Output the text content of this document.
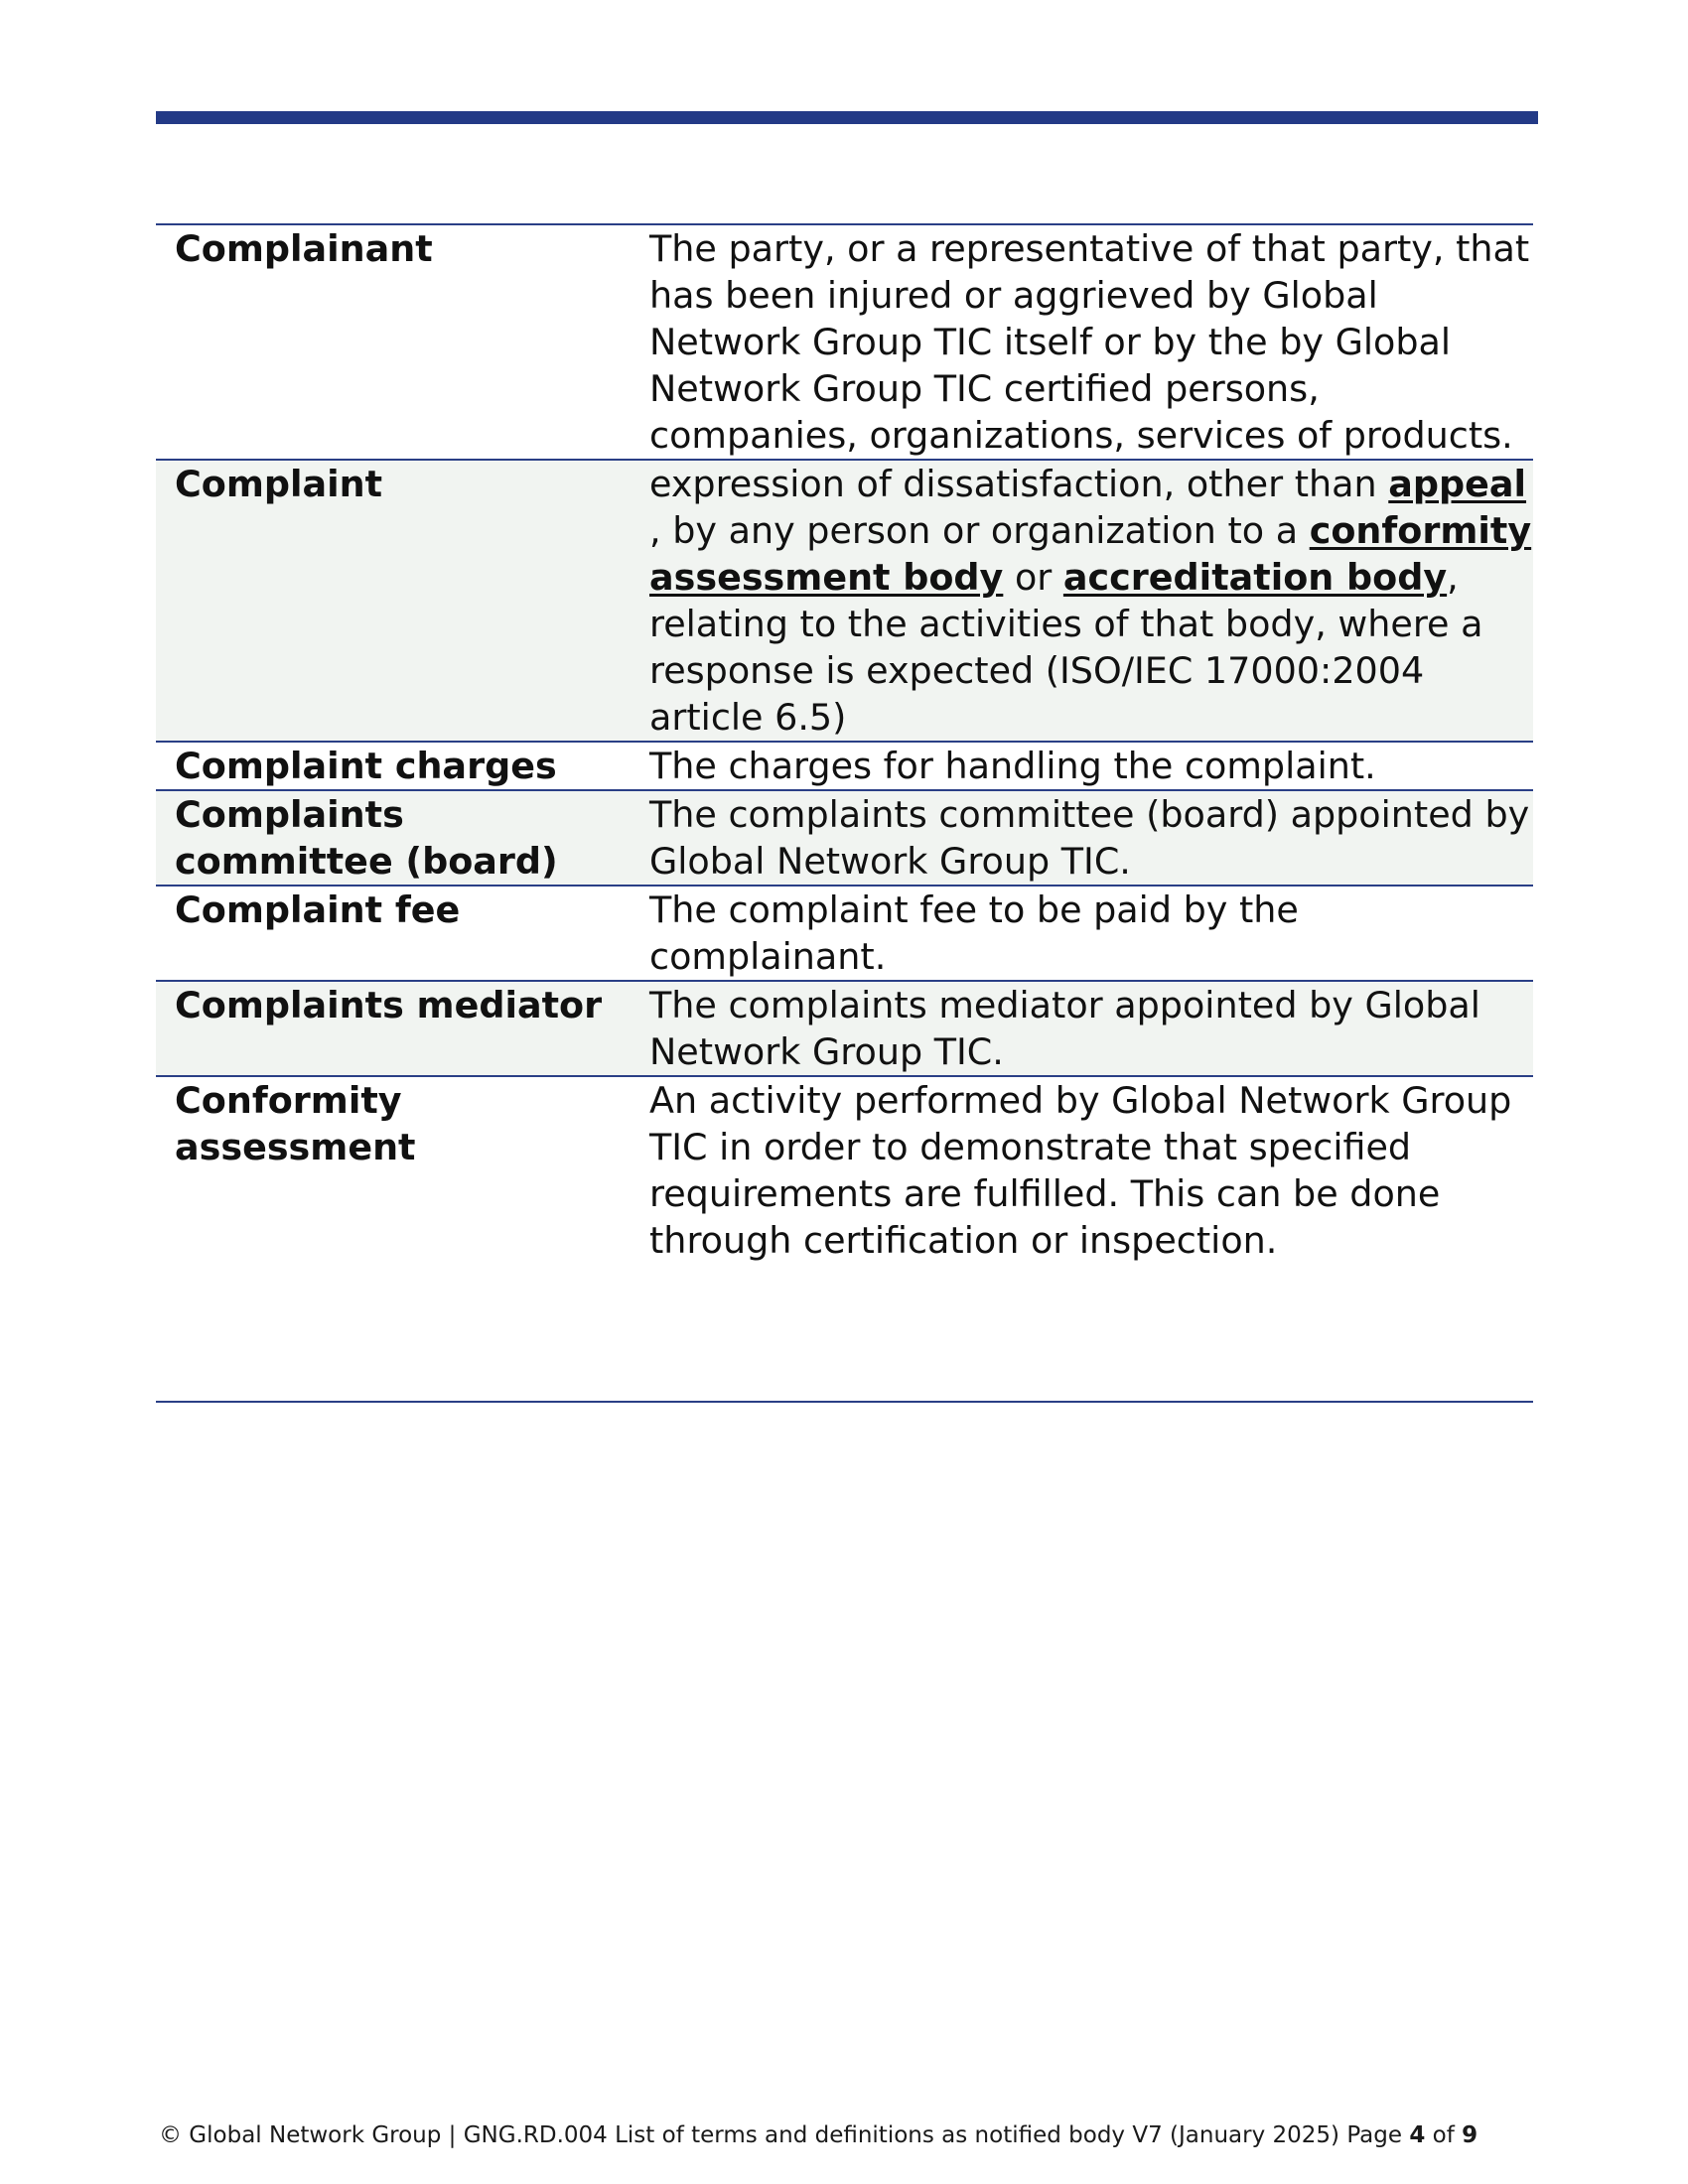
Complainant	The party, or a representative of that party, that has been injured or aggrieved by Global Network Group TIC itself or by the by Global Network Group TIC certified persons, companies, organizations, services of products.
Complaint	expression of dissatisfaction, other than appeal , by any person or organization to a conformity assessment body or accreditation body, relating to the activities of that body, where a response is expected (ISO/IEC 17000:2004 article 6.5)
Complaint charges	The charges for handling the complaint.
Complaints committee (board)	The complaints committee (board) appointed by Global Network Group TIC.
Complaint fee	The complaint fee to be paid by the complainant.
Complaints mediator	The complaints mediator appointed by Global Network Group TIC.
Conformity assessment	An activity performed by Global Network Group TIC in order to demonstrate that specified requirements are fulfilled. This can be done through certification or inspection.

© Global Network Group | GNG.RD.004 List of terms and definitions as notified body V7 (January 2025) Page 4 of 9
